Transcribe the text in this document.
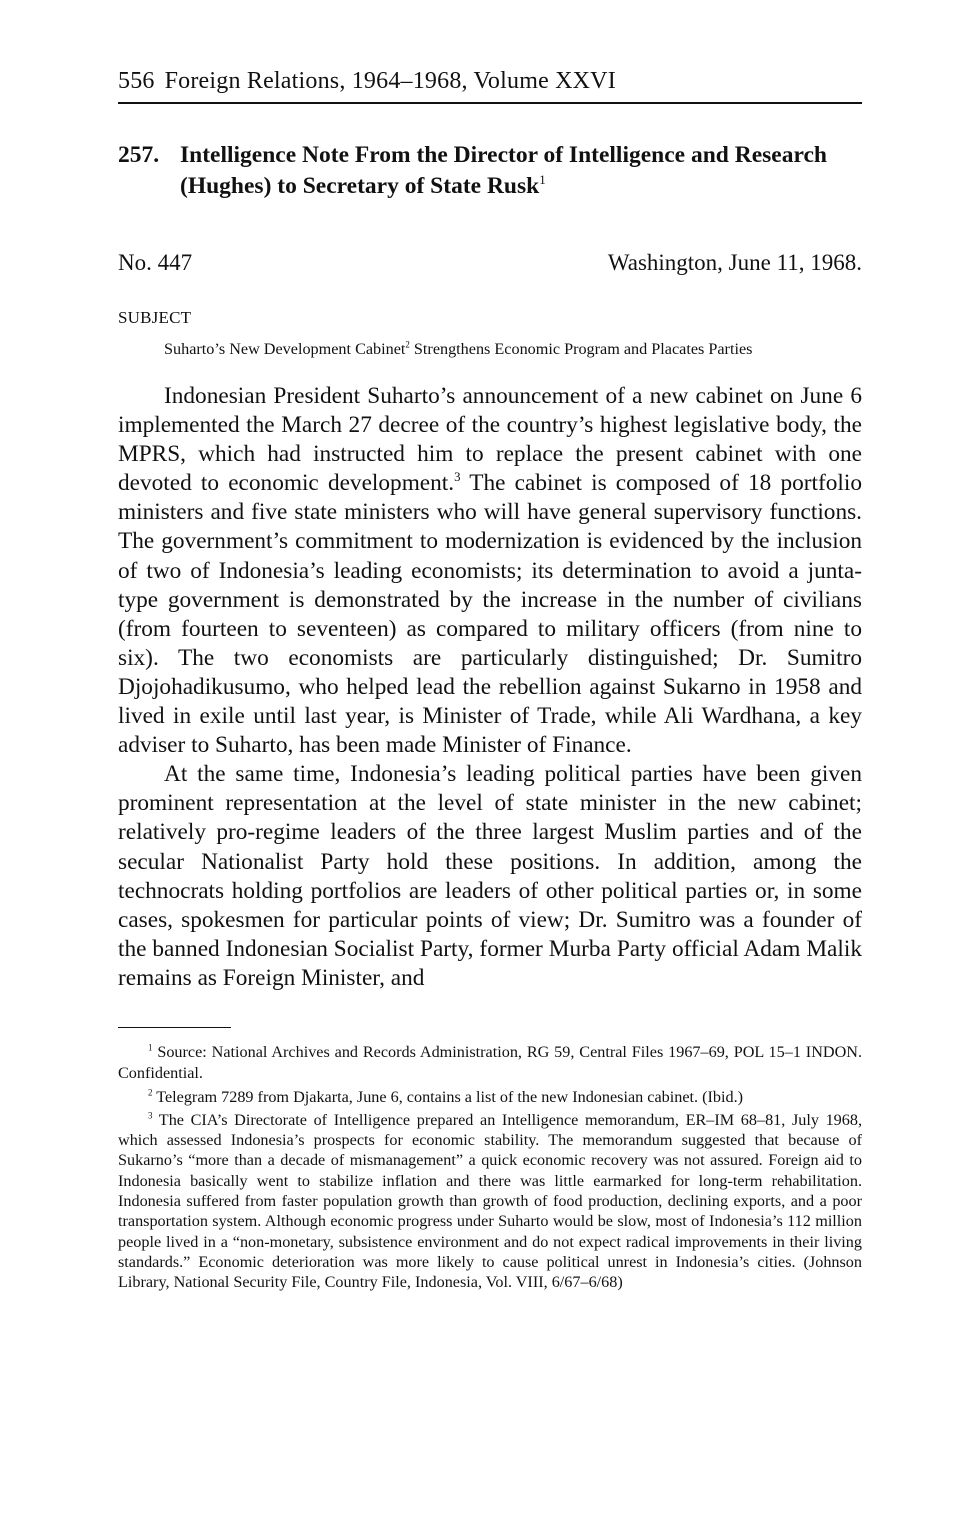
556 Foreign Relations, 1964–1968, Volume XXVI
257. Intelligence Note From the Director of Intelligence and Research (Hughes) to Secretary of State Rusk$^1$
No. 447	Washington, June 11, 1968.
SUBJECT
Suharto’s New Development Cabinet$^2$ Strengthens Economic Program and Placates Parties

Indonesian President Suharto’s announcement of a new cabinet on June 6 implemented the March 27 decree of the country’s highest legislative body, the MPRS, which had instructed him to replace the present cabinet with one devoted to economic development.$^3$ The cabinet is composed of 18 portfolio ministers and five state ministers who will have general supervisory functions. The government’s commitment to modernization is evidenced by the inclusion of two of Indonesia’s leading economists; its determination to avoid a junta-type government is demonstrated by the increase in the number of civilians (from fourteen to seventeen) as compared to military officers (from nine to six). The two economists are particularly distinguished; Dr. Sumitro Djojohadikusumo, who helped lead the rebellion against Sukarno in 1958 and lived in exile until last year, is Minister of Trade, while Ali Wardhana, a key adviser to Suharto, has been made Minister of Finance.

At the same time, Indonesia’s leading political parties have been given prominent representation at the level of state minister in the new cabinet; relatively pro-regime leaders of the three largest Muslim parties and of the secular Nationalist Party hold these positions. In addition, among the technocrats holding portfolios are leaders of other political parties or, in some cases, spokesmen for particular points of view; Dr. Sumitro was a founder of the banned Indonesian Socialist Party, former Murba Party official Adam Malik remains as Foreign Minister, and

$^1$ Source: National Archives and Records Administration, RG 59, Central Files 1967–69, POL 15–1 INDON. Confidential.

$^2$ Telegram 7289 from Djakarta, June 6, contains a list of the new Indonesian cabinet. (Ibid.)

$^3$ The CIA’s Directorate of Intelligence prepared an Intelligence memorandum, ER–IM 68–81, July 1968, which assessed Indonesia’s prospects for economic stability. The memorandum suggested that because of Sukarno’s “more than a decade of mismanagement” a quick economic recovery was not assured. Foreign aid to Indonesia basically went to stabilize inflation and there was little earmarked for long-term rehabilitation. Indonesia suffered from faster population growth than growth of food production, declining exports, and a poor transportation system. Although economic progress under Suharto would be slow, most of Indonesia’s 112 million people lived in a “non-monetary, subsistence environment and do not expect radical improvements in their living standards.” Economic deterioration was more likely to cause political unrest in Indonesia’s cities. (Johnson Library, National Security File, Country File, Indonesia, Vol. VIII, 6/67–6/68)
